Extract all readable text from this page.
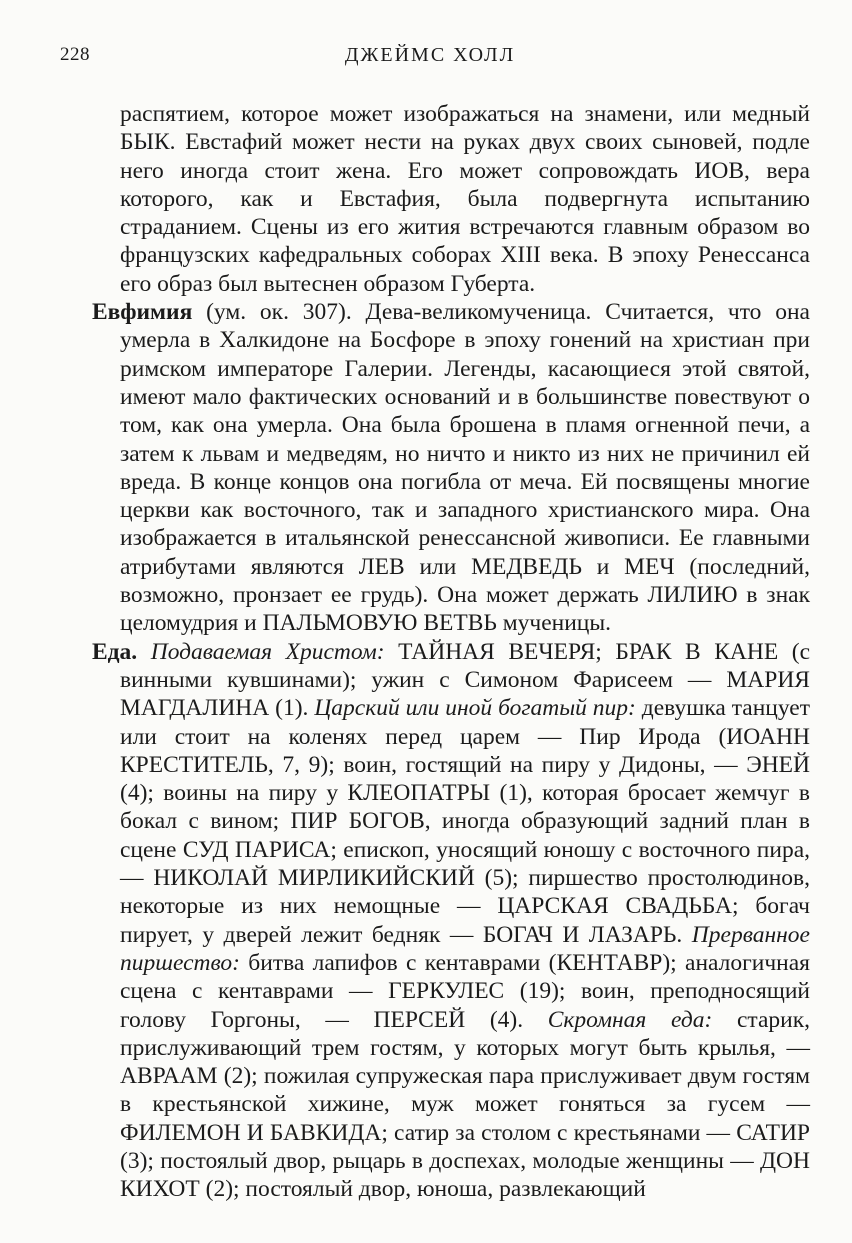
228	ДЖЕЙМС ХОЛЛ

распятием, которое может изображаться на знамени, или медный БЫК. Евстафий может нести на руках двух своих сыновей, подле него иногда стоит жена. Его может сопровождать ИОВ, вера которого, как и Евстафия, была подвергнута испытанию страданием. Сцены из его жития встречаются главным образом во французских кафедральных соборах XIII века. В эпоху Ренессанса его образ был вытеснен образом Губерта.

Евфимия (ум. ок. 307). Дева-великомученица. Считается, что она умерла в Халкидоне на Босфоре в эпоху гонений на христиан при римском императоре Галерии. Легенды, касающиеся этой святой, имеют мало фактических оснований и в большинстве повествуют о том, как она умерла. Она была брошена в пламя огненной печи, а затем к львам и медведям, но ничто и никто из них не причинил ей вреда. В конце концов она погибла от меча. Ей посвящены многие церкви как восточного, так и западного христианского мира. Она изображается в итальянской ренессансной живописи. Ее главными атрибутами являются ЛЕВ или МЕДВЕДЬ и МЕЧ (последний, возможно, пронзает ее грудь). Она может держать ЛИЛИЮ в знак целомудрия и ПАЛЬМОВУЮ ВЕТВЬ мученицы.

Еда. Подаваемая Христом: ТАЙНАЯ ВЕЧЕРЯ; БРАК В КАНЕ (с винными кувшинами); ужин с Симоном Фарисеем — МАРИЯ МАГДАЛИНА (1). Царский или иной богатый пир: девушка танцует или стоит на коленях перед царем — Пир Ирода (ИОАНН КРЕСТИТЕЛЬ, 7, 9); воин, гостящий на пиру у Дидоны, — ЭНЕЙ (4); воины на пиру у КЛЕОПАТРЫ (1), которая бросает жемчуг в бокал с вином; ПИР БОГОВ, иногда образующий задний план в сцене СУД ПАРИСА; епископ, уносящий юношу с восточного пира, — НИКОЛАЙ МИРЛИКИЙСКИЙ (5); пиршество простолюдинов, некоторые из них немощные — ЦАРСКАЯ СВАДЬБА; богач пирует, у дверей лежит бедняк — БОГАЧ И ЛАЗАРЬ. Прерванное пиршество: битва лапифов с кентаврами (КЕНТАВР); аналогичная сцена с кентаврами — ГЕРКУЛЕС (19); воин, преподносящий голову Горгоны, — ПЕРСЕЙ (4). Скромная еда: старик, прислуживающий трем гостям, у которых могут быть крылья, — АВРААМ (2); пожилая супружеская пара прислуживает двум гостям в крестьянской хижине, муж может гоняться за гусем — ФИЛЕМОН И БАВКИДА; сатир за столом с крестьянами — САТИР (3); постоялый двор, рыцарь в доспехах, молодые женщины — ДОН КИХОТ (2); постоялый двор, юноша, развлекающий
